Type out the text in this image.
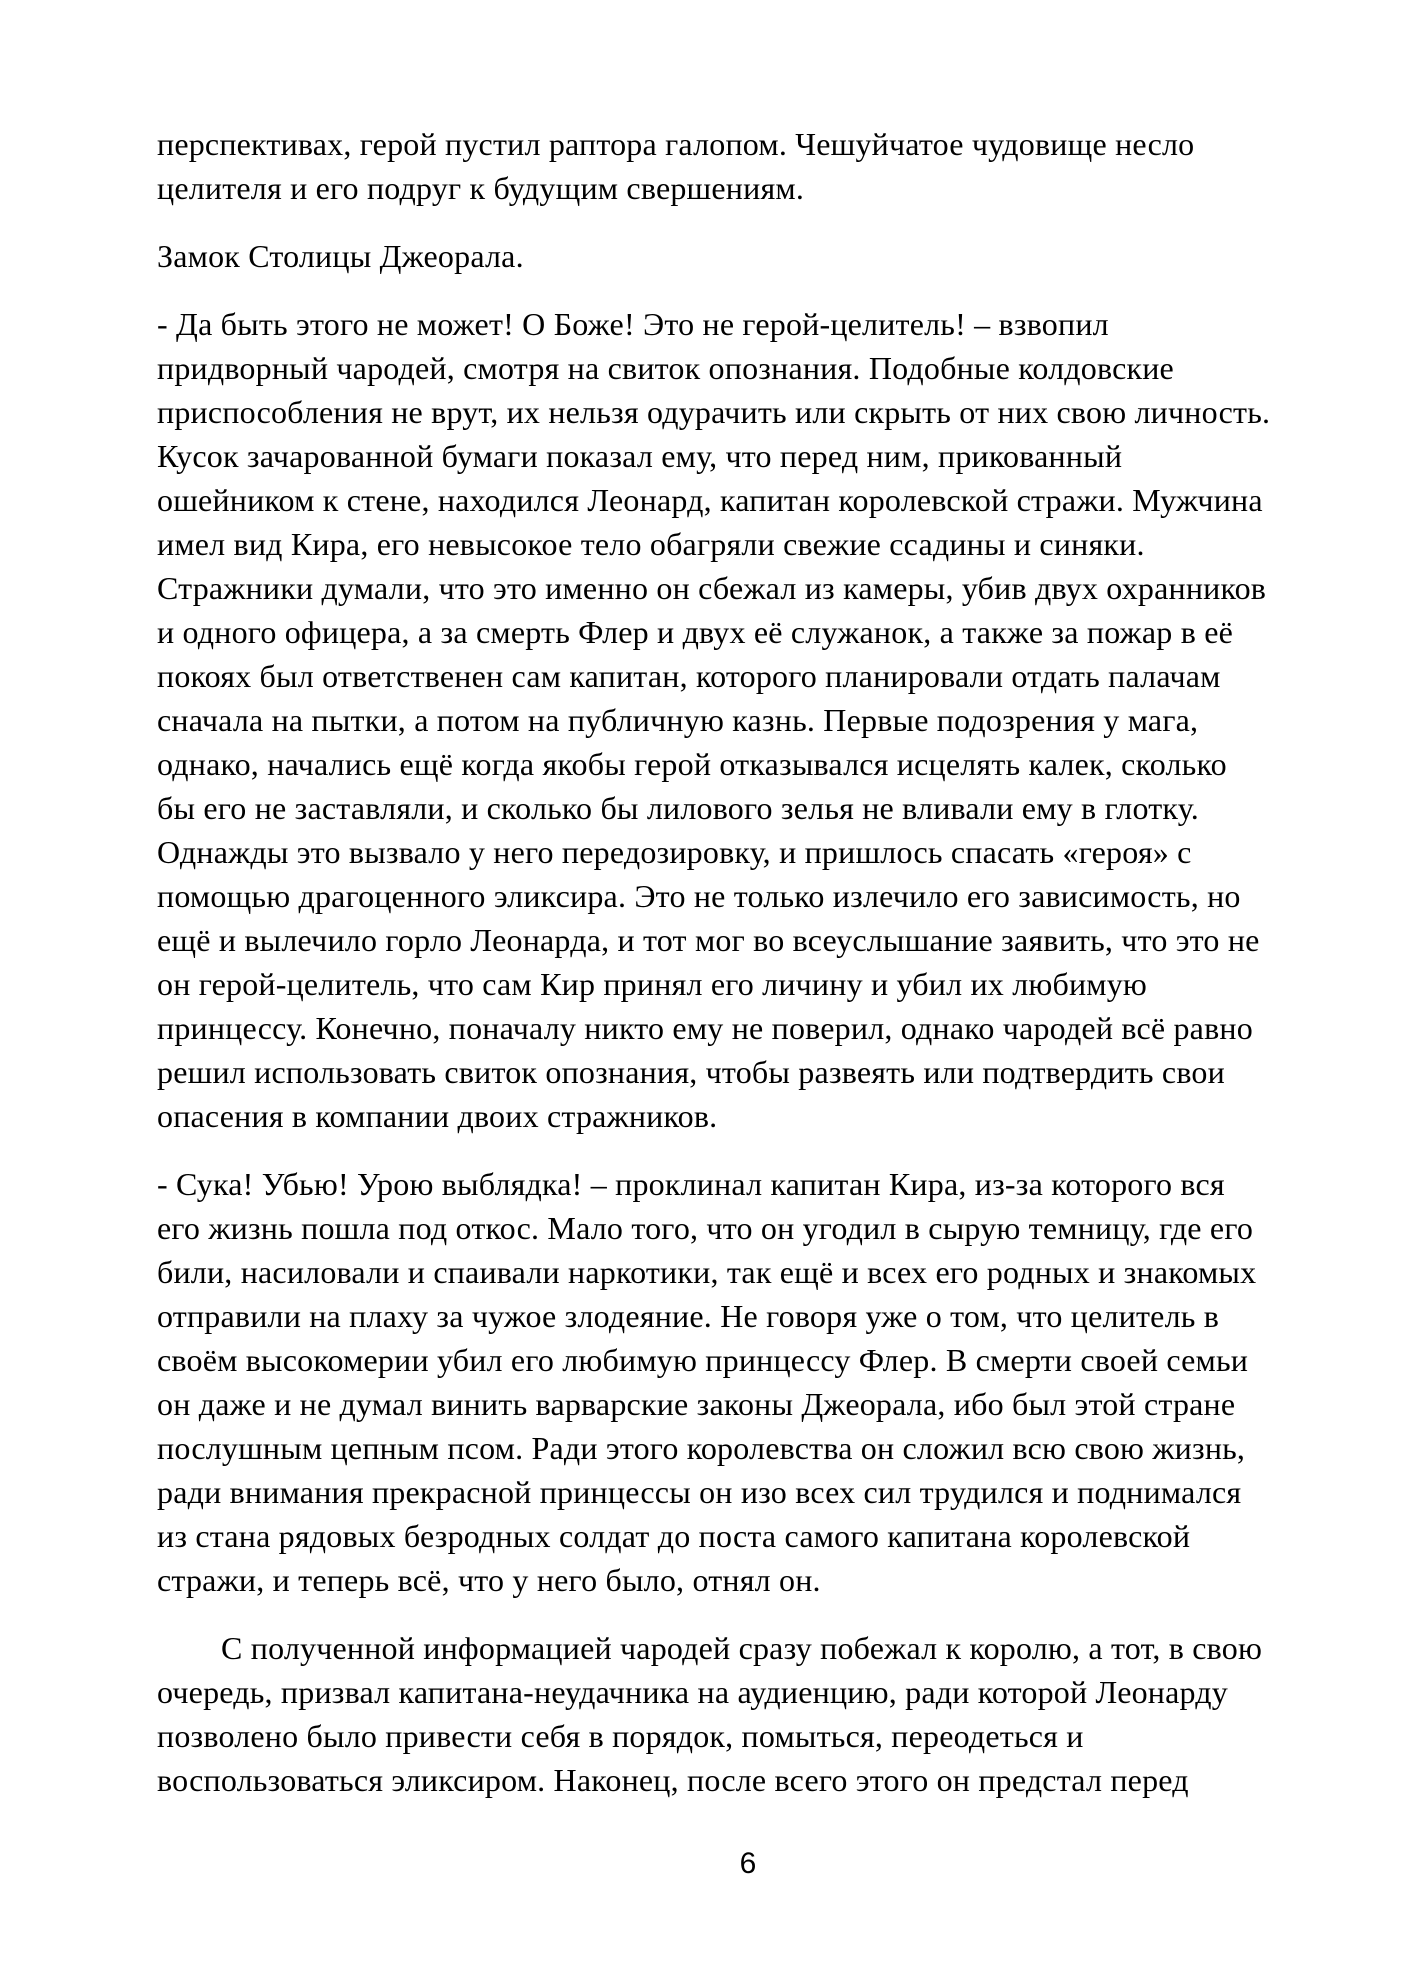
перспективах, герой пустил раптора галопом. Чешуйчатое чудовище несло целителя и его подруг к будущим свершениям.

Замок Столицы Джеорала.

- Да быть этого не может! О Боже! Это не герой-целитель! – взвопил придворный чародей, смотря на свиток опознания. Подобные колдовские приспособления не врут, их нельзя одурачить или скрыть от них свою личность. Кусок зачарованной бумаги показал ему, что перед ним, прикованный ошейником к стене, находился Леонард, капитан королевской стражи. Мужчина имел вид Кира, его невысокое тело обагряли свежие ссадины и синяки. Стражники думали, что это именно он сбежал из камеры, убив двух охранников и одного офицера, а за смерть Флер и двух её служанок, а также за пожар в её покоях был ответственен сам капитан, которого планировали отдать палачам сначала на пытки, а потом на публичную казнь. Первые подозрения у мага, однако, начались ещё когда якобы герой отказывался исцелять калек, сколько бы его не заставляли, и сколько бы лилового зелья не вливали ему в глотку. Однажды это вызвало у него передозировку, и пришлось спасать «героя» с помощью драгоценного эликсира. Это не только излечило его зависимость, но ещё и вылечило горло Леонарда, и тот мог во всеуслышание заявить, что это не он герой-целитель, что сам Кир принял его личину и убил их любимую принцессу. Конечно, поначалу никто ему не поверил, однако чародей всё равно решил использовать свиток опознания, чтобы развеять или подтвердить свои опасения в компании двоих стражников.

- Сука! Убью! Урою выблядка! – проклинал капитан Кира, из-за которого вся его жизнь пошла под откос. Мало того, что он угодил в сырую темницу, где его били, насиловали и спаивали наркотики, так ещё и всех его родных и знакомых отправили на плаху за чужое злодеяние. Не говоря уже о том, что целитель в своём высокомерии убил его любимую принцессу Флер. В смерти своей семьи он даже и не думал винить варварские законы Джеорала, ибо был этой стране послушным цепным псом. Ради этого королевства он сложил всю свою жизнь, ради внимания прекрасной принцессы он изо всех сил трудился и поднимался из стана рядовых безродных солдат до поста самого капитана королевской стражи, и теперь всё, что у него было, отнял он.

С полученной информацией чародей сразу побежал к королю, а тот, в свою очередь, призвал капитана-неудачника на аудиенцию, ради которой Леонарду позволено было привести себя в порядок, помыться, переодеться и воспользоваться эликсиром. Наконец, после всего этого он предстал перед

6
